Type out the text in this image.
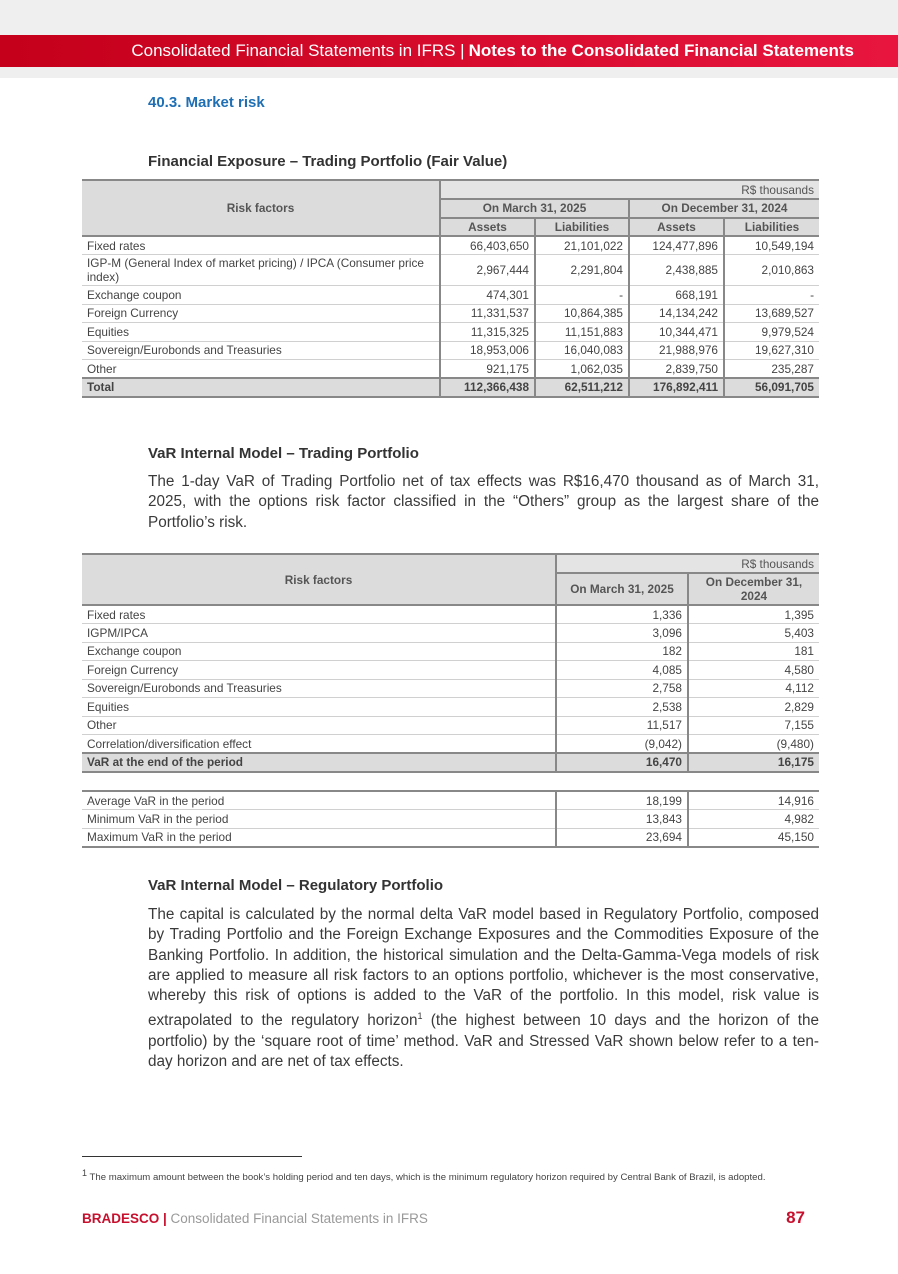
Consolidated Financial Statements in IFRS | Notes to the Consolidated Financial Statements
40.3. Market risk
Financial Exposure – Trading Portfolio (Fair Value)
Risk factors	R$ thousands			
	On March 31, 2025		On December 31, 2024	
	Assets	Liabilities	Assets	Liabilities
Fixed rates	66,403,650	21,101,022	124,477,896	10,549,194
IGP-M (General Index of market pricing) / IPCA (Consumer price index)	2,967,444	2,291,804	2,438,885	2,010,863
Exchange coupon	474,301	-	668,191	-
Foreign Currency	11,331,537	10,864,385	14,134,242	13,689,527
Equities	11,315,325	11,151,883	10,344,471	9,979,524
Sovereign/Eurobonds and Treasuries	18,953,006	16,040,083	21,988,976	19,627,310
Other	921,175	1,062,035	2,839,750	235,287
Total	112,366,438	62,511,212	176,892,411	56,091,705
VaR Internal Model – Trading Portfolio
The 1-day VaR of Trading Portfolio net of tax effects was R$16,470 thousand as of March 31, 2025, with the options risk factor classified in the “Others” group as the largest share of the Portfolio’s risk.
Risk factors	R$ thousands	
	On March 31, 2025	On December 31, 2024
Fixed rates	1,336	1,395
IGPM/IPCA	3,096	5,403
Exchange coupon	182	181
Foreign Currency	4,085	4,580
Sovereign/Eurobonds and Treasuries	2,758	4,112
Equities	2,538	2,829
Other	11,517	7,155
Correlation/diversification effect	(9,042)	(9,480)
VaR at the end of the period	16,470	16,175
Average VaR in the period	18,199	14,916
Minimum VaR in the period	13,843	4,982
Maximum VaR in the period	23,694	45,150
VaR Internal Model – Regulatory Portfolio
The capital is calculated by the normal delta VaR model based in Regulatory Portfolio, composed by Trading Portfolio and the Foreign Exchange Exposures and the Commodities Exposure of the Banking Portfolio. In addition, the historical simulation and the Delta-Gamma-Vega models of risk are applied to measure all risk factors to an options portfolio, whichever is the most conservative, whereby this risk of options is added to the VaR of the portfolio. In this model, risk value is extrapolated to the regulatory horizon$^1$ (the highest between 10 days and the horizon of the portfolio) by the ‘square root of time’ method. VaR and Stressed VaR shown below refer to a ten-day horizon and are net of tax effects.
$^1$ The maximum amount between the book’s holding period and ten days, which is the minimum regulatory horizon required by Central Bank of Brazil, is adopted.
BRADESCO | Consolidated Financial Statements in IFRS	87
